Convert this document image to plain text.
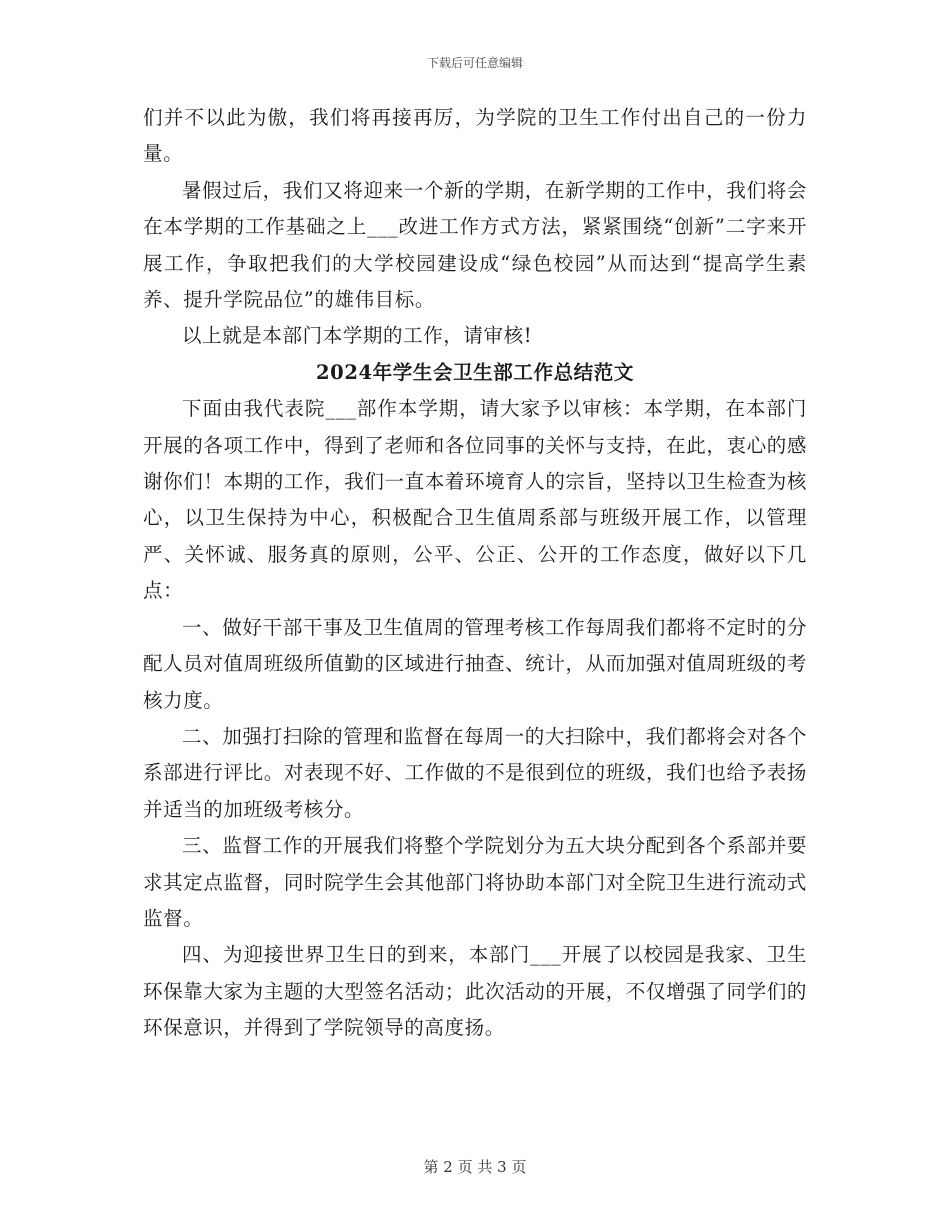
下载后可任意编辑

们并不以此为傲，我们将再接再厉，为学院的卫生工作付出自己的一份力量。

暑假过后，我们又将迎来一个新的学期，在新学期的工作中，我们将会在本学期的工作基础之上___改进工作方式方法，紧紧围绕“创新”二字来开展工作，争取把我们的大学校园建设成“绿色校园”从而达到“提高学生素养、提升学院品位”的雄伟目标。

以上就是本部门本学期的工作，请审核!

2024年学生会卫生部工作总结范文

下面由我代表院___部作本学期，请大家予以审核：本学期，在本部门开展的各项工作中，得到了老师和各位同事的关怀与支持，在此，衷心的感谢你们！本期的工作，我们一直本着环境育人的宗旨，坚持以卫生检查为核心，以卫生保持为中心，积极配合卫生值周系部与班级开展工作，以管理严、关怀诚、服务真的原则，公平、公正、公开的工作态度，做好以下几点：

一、做好干部干事及卫生值周的管理考核工作每周我们都将不定时的分配人员对值周班级所值勤的区域进行抽查、统计，从而加强对值周班级的考核力度。

二、加强打扫除的管理和监督在每周一的大扫除中，我们都将会对各个系部进行评比。对表现不好、工作做的不是很到位的班级，我们也给予表扬并适当的加班级考核分。

三、监督工作的开展我们将整个学院划分为五大块分配到各个系部并要求其定点监督，同时院学生会其他部门将协助本部门对全院卫生进行流动式监督。

四、为迎接世界卫生日的到来，本部门___开展了以校园是我家、卫生环保靠大家为主题的大型签名活动；此次活动的开展，不仅增强了同学们的环保意识，并得到了学院领导的高度扬。

第 2 页 共 3 页
